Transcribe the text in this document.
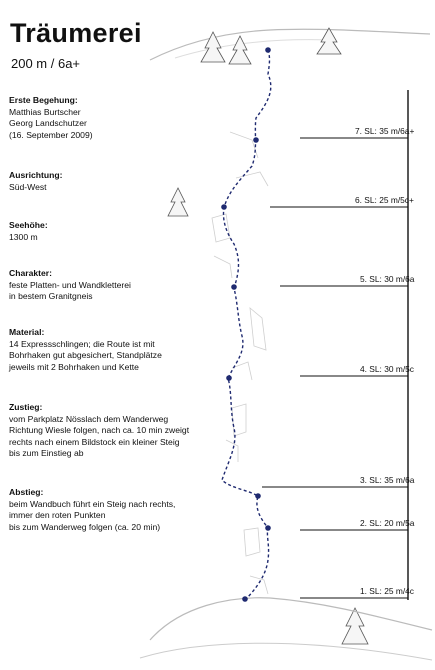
Träumerei
200 m / 6a+
Erste Begehung:
Matthias Burtscher
Georg Landschutzer
(16. September 2009)
Ausrichtung:
Süd-West
Seehöhe:
1300 m
Charakter:
feste Platten- und Wandkletterei
in bestem Granitgneis
Material:
14 Expressschlingen; die Route ist mit
Bohrhaken gut abgesichert, Standplätze
jeweils mit 2 Bohrhaken und Kette
Zustieg:
vom Parkplatz Nösslach dem Wanderweg
Richtung Wiesle folgen, nach ca. 10 min zweigt
rechts nach einem Bildstock ein kleiner Steig
bis zum Einstieg ab
Abstieg:
beim Wandbuch führt ein Steig nach rechts,
immer den roten Punkten
bis zum Wanderweg folgen (ca. 20 min)
7. SL: 35 m/6a+
6. SL: 25 m/5c+
5. SL: 30 m/6a
4. SL: 30 m/5c
3. SL: 35 m/6a
2. SL: 20 m/5a
1. SL: 25 m/4c
